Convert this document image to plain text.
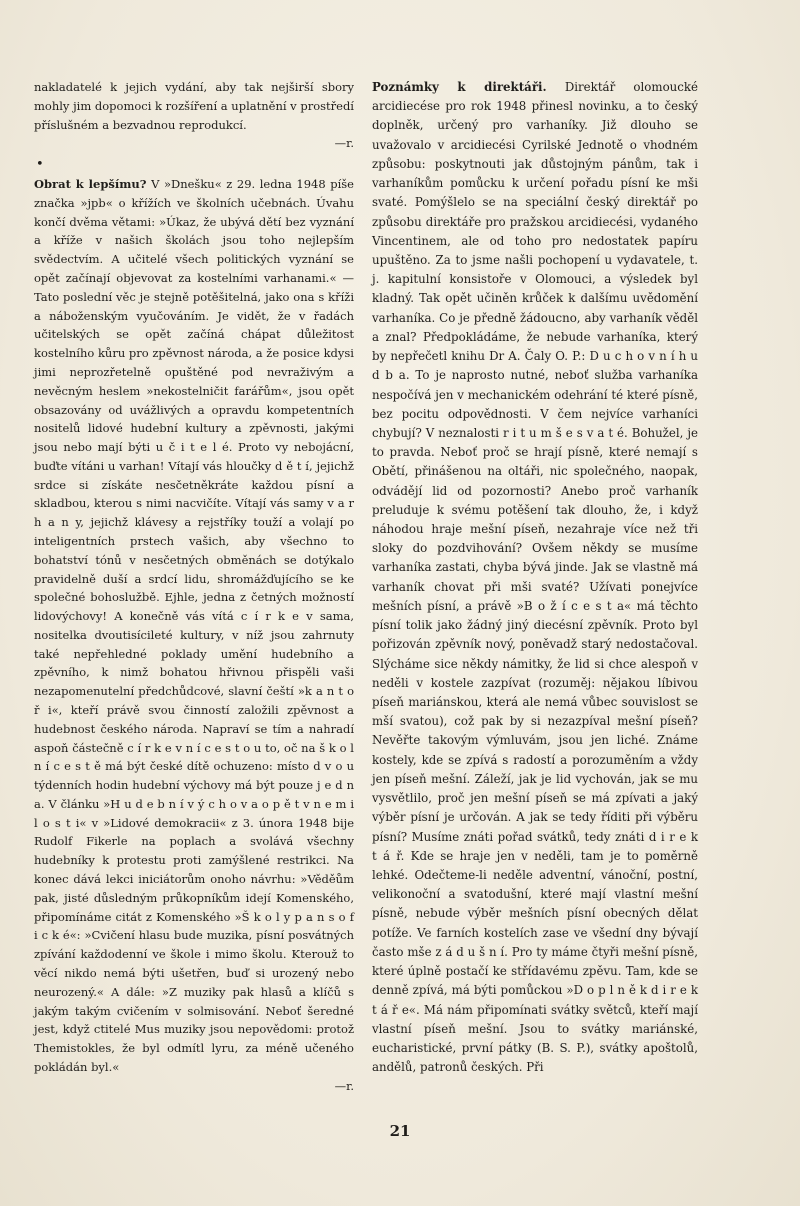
nakladatelé k jejich vydání, aby tak nejširší sbory mohly jim dopomoci k rozšíření a uplatnění v prostředí příslušném a bezvadnou reprodukcí.
—r.

•

Obrat k lepšímu? V »Dnešku« z 29. ledna 1948 píše značka »jpb« o křížích ve školních učebnách. Úvahu končí dvěma větami: »Úkaz, že ubývá dětí bez vyznání a kříže v našich školách jsou toho nejlepším svědectvím. A učitelé všech politických vyznání se opět začínají objevovat za kostelními varhanami.« — Tato poslední věc je stejně potěšitelná, jako ona s kříži a náboženským vyučováním. Je vidět, že v řadách učitelských se opět začíná chápat důležitost kostelního kůru pro zpěvnost národa, a že posice kdysi jimi neprozřetelně opuštěné pod nevraživým a nevěcným heslem »nekostelničit farářům«, jsou opět obsazovány od uvážlivých a opravdu kompetentních nositelů lidové hudební kultury a zpěvnosti, jakými jsou nebo mají býti u č i t e l é. Proto vy nebojácní, buďte vítáni u varhan! Vítají vás hloučky d ě t í, jejichž srdce si získáte nesčetněkráte každou písní a skladbou, kterou s nimi nacvičíte. Vítají vás samy v a r h a n y, jejichž klávesy a rejstříky touží a volají po inteligentních prstech vašich, aby všechno to bohatství tónů v nesčetných obměnách se dotýkalo pravidelně duší a srdcí lidu, shromážďujícího se ke společné bohoslužbě. Ejhle, jedna z četných možností lidovýchovy! A konečně vás vítá c í r k e v sama, nositelka dvoutisícileté kultury, v níž jsou zahrnuty také nepřehledné poklady umění hudebního a zpěvního, k nimž bohatou hřivnou přispěli vaši nezapomenutelní předchůdcové, slavní čeští »k a n t o ř i«, kteří právě svou činností založili zpěvnost a hudebnost českého národa. Napraví se tím a nahradí aspoň částečně c í r k e v n í c e s t o u to, oč na š k o l n í c e s t ě má být české dítě ochuzeno: místo d v o u týdenních hodin hudební výchovy má být pouze j e d n a. V článku »H u d e b n í v ý c h o v a o p ě t v n e m i l o s t i« v »Lidové demokracii« z 3. února 1948 bije Rudolf Fikerle na poplach a svolává všechny hudebníky k protestu proti zamýšlené restrikci. Na konec dává lekci iniciátorům onoho návrhu: »Věděům pak, jisté důsledným průkopníkům idejí Komenského, připomínáme citát z Komenského »Š k o l y p a n s o f i c k é«: »Cvičení hlasu bude muzika, písní posvátných zpívání každodenní ve škole i mimo školu. Kterouž to věcí nikdo nemá býti ušetřen, buď si urozený nebo neurozený.« A dále: »Z muziky pak hlasů a klíčů s jakým takým cvičením v solmisování. Neboť šeredné jest, když ctitelé Mus muziky jsou nepovědomi: protož Themistokles, že byl odmítl lyru, za méně učeného pokládán byl.«
—r.

Poznámky k direktáři. Direktář olomoucké arcidiecése pro rok 1948 přinesl novinku, a to český doplněk, určený pro varhaníky. Již dlouho se uvažovalo v arcidiecési Cyrilské Jednotě o vhodném způsobu: poskytnouti jak důstojným pánům, tak i varhaníkům pomůcku k určení pořadu písní ke mši svaté. Pomýšlelo se na speciální český direktář po způsobu direktáře pro pražskou arcidiecési, vydaného Vincentinem, ale od toho pro nedostatek papíru upuštěno. Za to jsme našli pochopení u vydavatele, t. j. kapitulní konsistoře v Olomouci, a výsledek byl kladný. Tak opět učiněn krůček k dalšímu uvědomění varhaníka. Co je předně žádoucno, aby varhaník věděl a znal? Předpokládáme, že nebude varhaníka, který by nepřečetl knihu Dr A. Čaly O. P.: D u c h o v n í h u d b a. To je naprosto nutné, neboť služba varhaníka nespočívá jen v mechanickém odehrání té které písně, bez pocitu odpovědnosti. V čem nejvíce varhaníci chybují? V neznalosti r i t u m š e s v a t é. Bohužel, je to pravda. Neboť proč se hrají písně, které nemají s Obětí, přinášenou na oltáři, nic společného, naopak, odvádějí lid od pozornosti? Anebo proč varhaník preluduje k svému potěšení tak dlouho, že, i když náhodou hraje mešní píseň, nezahraje více než tři sloky do pozdvihování? Ovšem někdy se musíme varhaníka zastati, chyba bývá jinde. Jak se vlastně má varhaník chovat při mši svaté? Užívati ponejvíce mešních písní, a právě »B o ž í c e s t a« má těchto písní tolik jako žádný jiný diecésní zpěvník. Proto byl pořizován zpěvník nový, poněvadž starý nedostačoval. Slýcháme sice někdy námitky, že lid si chce alespoň v neděli v kostele zazpívat (rozuměj: nějakou líbivou píseň mariánskou, která ale nemá vůbec souvislost se mší svatou), což pak by si nezazpíval mešní píseň? Nevěřte takovým výmluvám, jsou jen liché. Známe kostely, kde se zpívá s radostí a porozuměním a vždy jen píseň mešní. Záleží, jak je lid vychován, jak se mu vysvětlilo, proč jen mešní píseň se má zpívati a jaký výběr písní je určován. A jak se tedy říditi při výběru písní? Musíme znáti pořad svátků, tedy znáti d i r e k t á ř. Kde se hraje jen v neděli, tam je to poměrně lehké. Odečteme-li neděle adventní, vánoční, postní, velikonoční a svatodušní, které mají vlastní mešní písně, nebude výběr mešních písní obecných dělat potíže. Ve farních kostelích zase ve všední dny bývají často mše z á d u š n í. Pro ty máme čtyři mešní písně, které úplně postačí ke střídavému zpěvu. Tam, kde se denně zpívá, má býti pomůckou »D o p l n ě k d i r e k t á ř e«. Má nám připomínati svátky světců, kteří mají vlastní píseň mešní. Jsou to svátky mariánské, eucharistické, první pátky (B. S. P.), svátky apoštolů, andělů, patronů českých. Při

21
